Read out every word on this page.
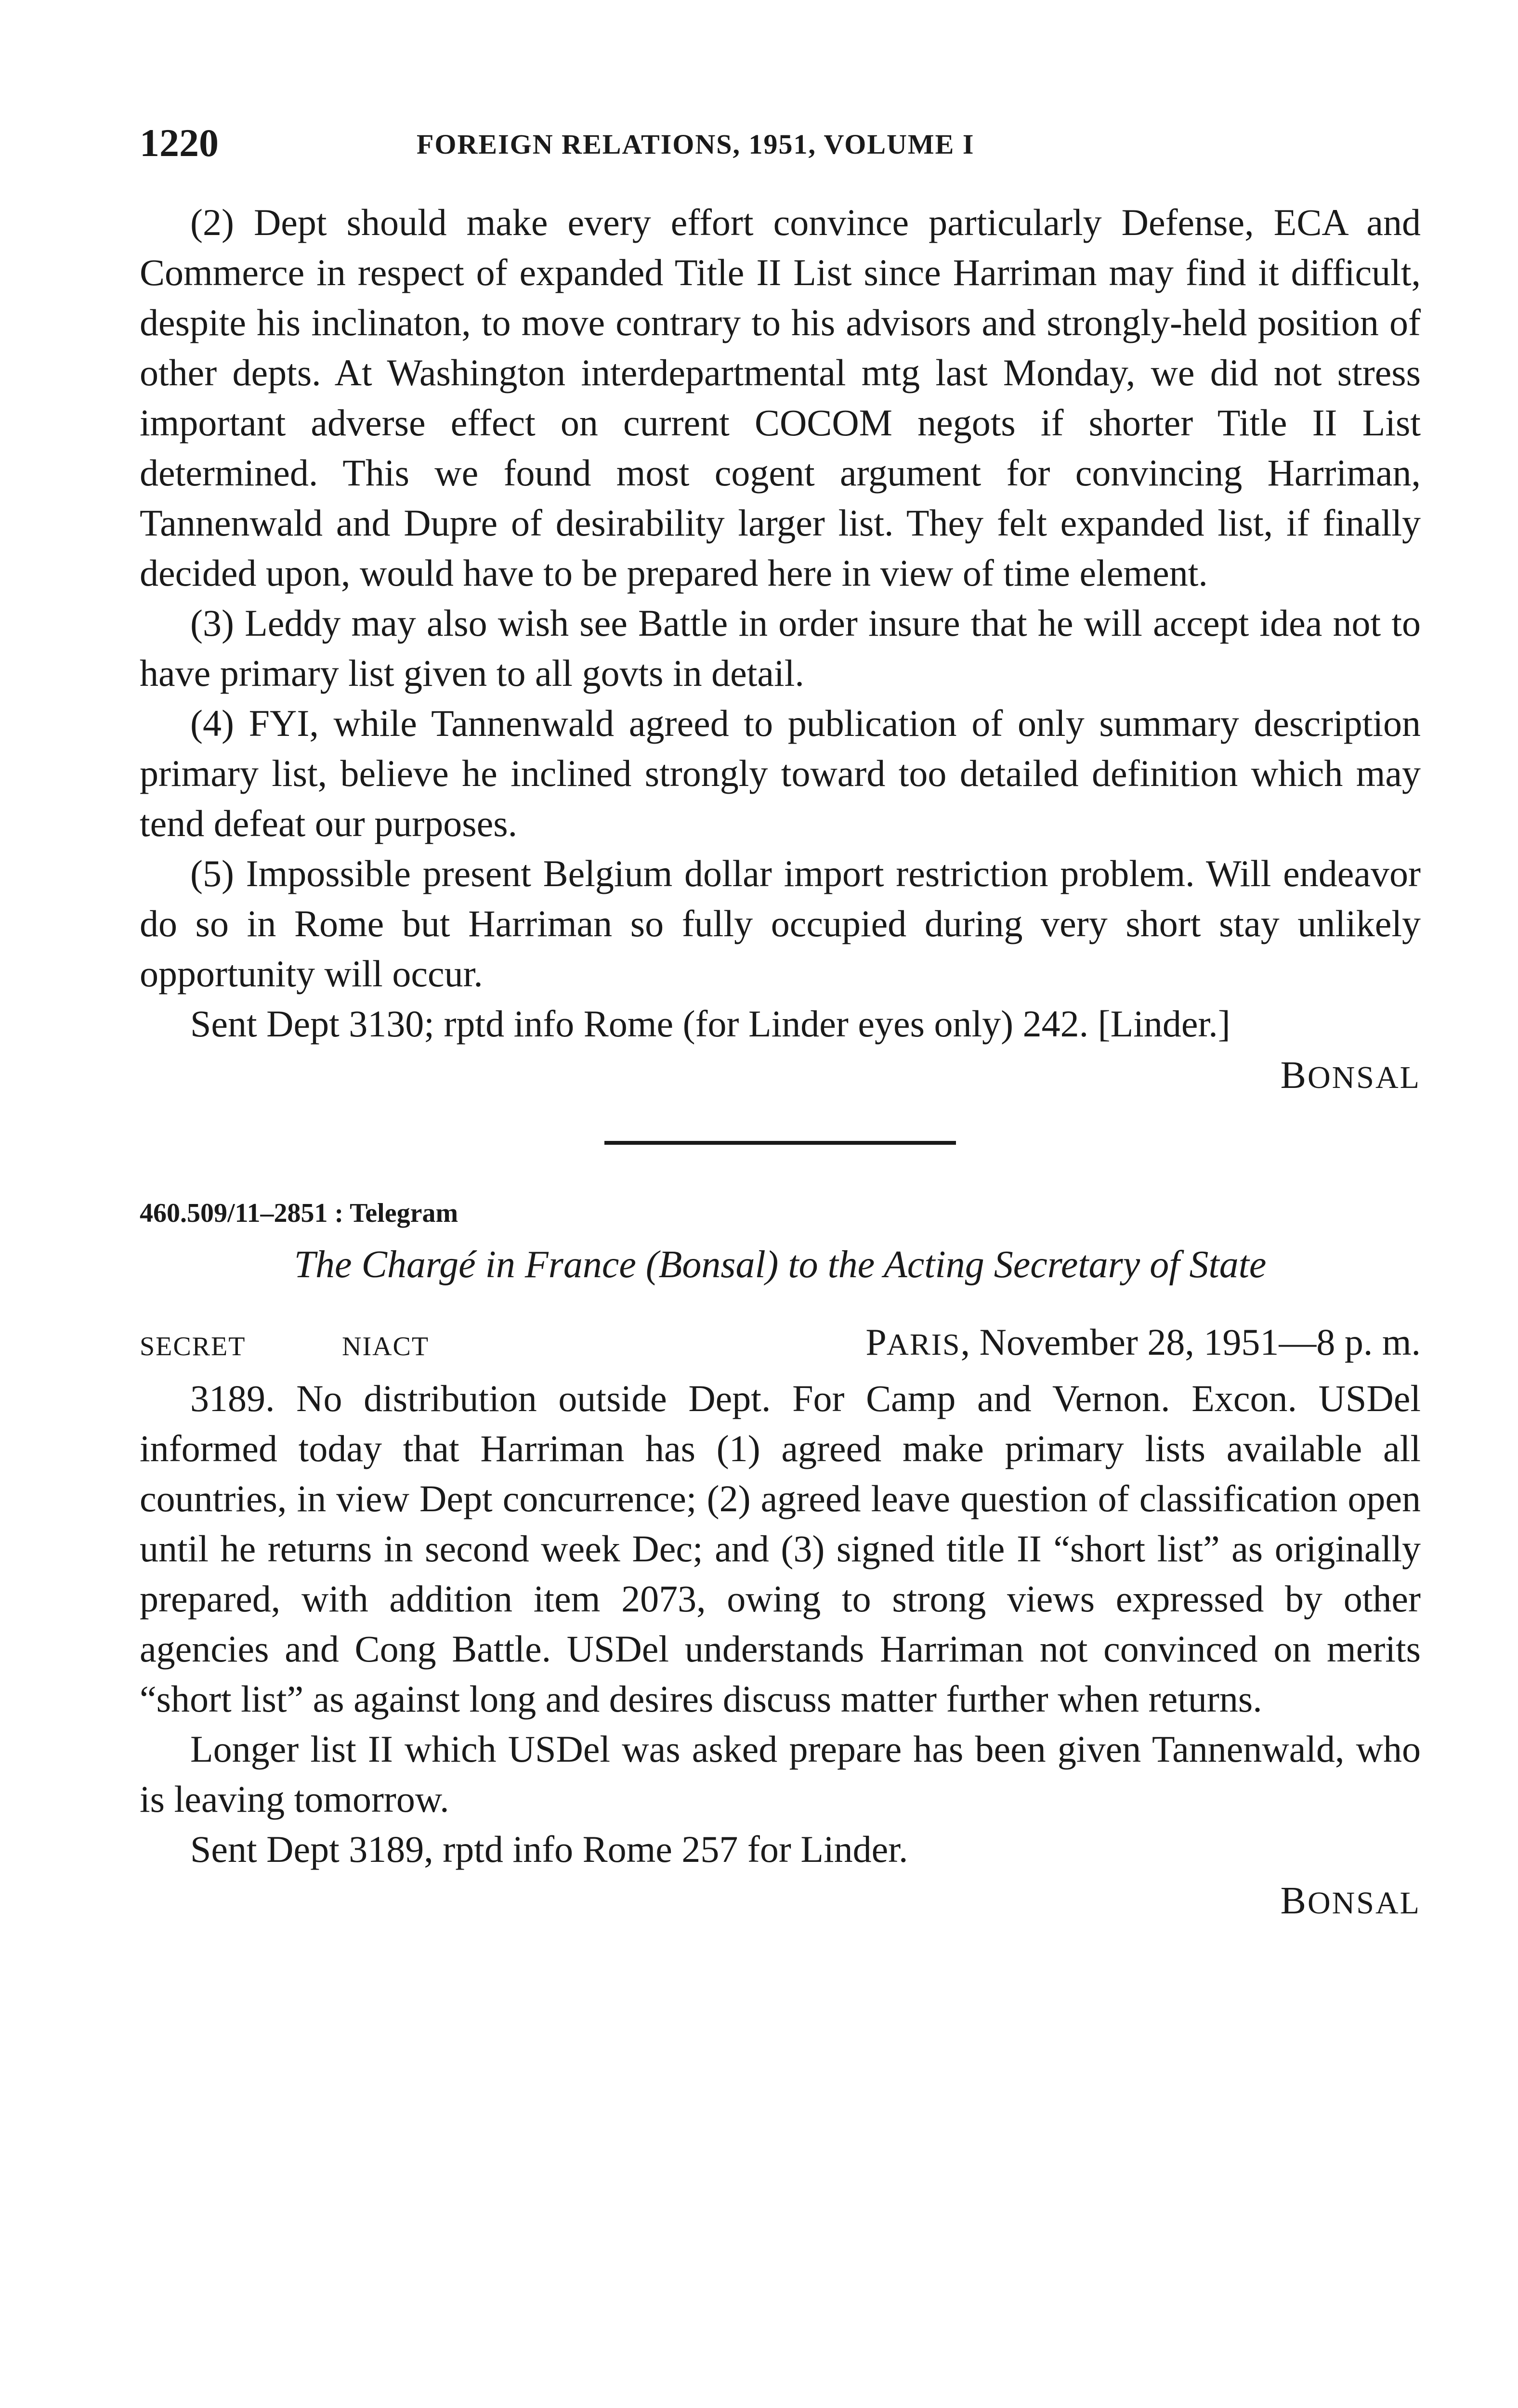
1220	FOREIGN RELATIONS, 1951, VOLUME I

(2) Dept should make every effort convince particularly Defense, ECA and Commerce in respect of expanded Title II List since Harriman may find it difficult, despite his inclinaton, to move contrary to his advisors and strongly-held position of other depts. At Washington interdepartmental mtg last Monday, we did not stress important adverse effect on current COCOM negots if shorter Title II List determined. This we found most cogent argument for convincing Harriman, Tannenwald and Dupre of desirability larger list. They felt expanded list, if finally decided upon, would have to be prepared here in view of time element.

(3) Leddy may also wish see Battle in order insure that he will accept idea not to have primary list given to all govts in detail.

(4) FYI, while Tannenwald agreed to publication of only summary description primary list, believe he inclined strongly toward too detailed definition which may tend defeat our purposes.

(5) Impossible present Belgium dollar import restriction problem. Will endeavor do so in Rome but Harriman so fully occupied during very short stay unlikely opportunity will occur.

Sent Dept 3130; rptd info Rome (for Linder eyes only) 242. [Linder.]

BONSAL
460.509/11–2851 : Telegram
The Chargé in France (Bonsal) to the Acting Secretary of State
SECRET	NIACT	PARIS, November 28, 1951—8 p. m.

3189. No distribution outside Dept. For Camp and Vernon. Excon. USDel informed today that Harriman has (1) agreed make primary lists available all countries, in view Dept concurrence; (2) agreed leave question of classification open until he returns in second week Dec; and (3) signed title II “short list” as originally prepared, with addition item 2073, owing to strong views expressed by other agencies and Cong Battle. USDel understands Harriman not convinced on merits “short list” as against long and desires discuss matter further when returns.

Longer list II which USDel was asked prepare has been given Tannenwald, who is leaving tomorrow.

Sent Dept 3189, rptd info Rome 257 for Linder.

BONSAL
